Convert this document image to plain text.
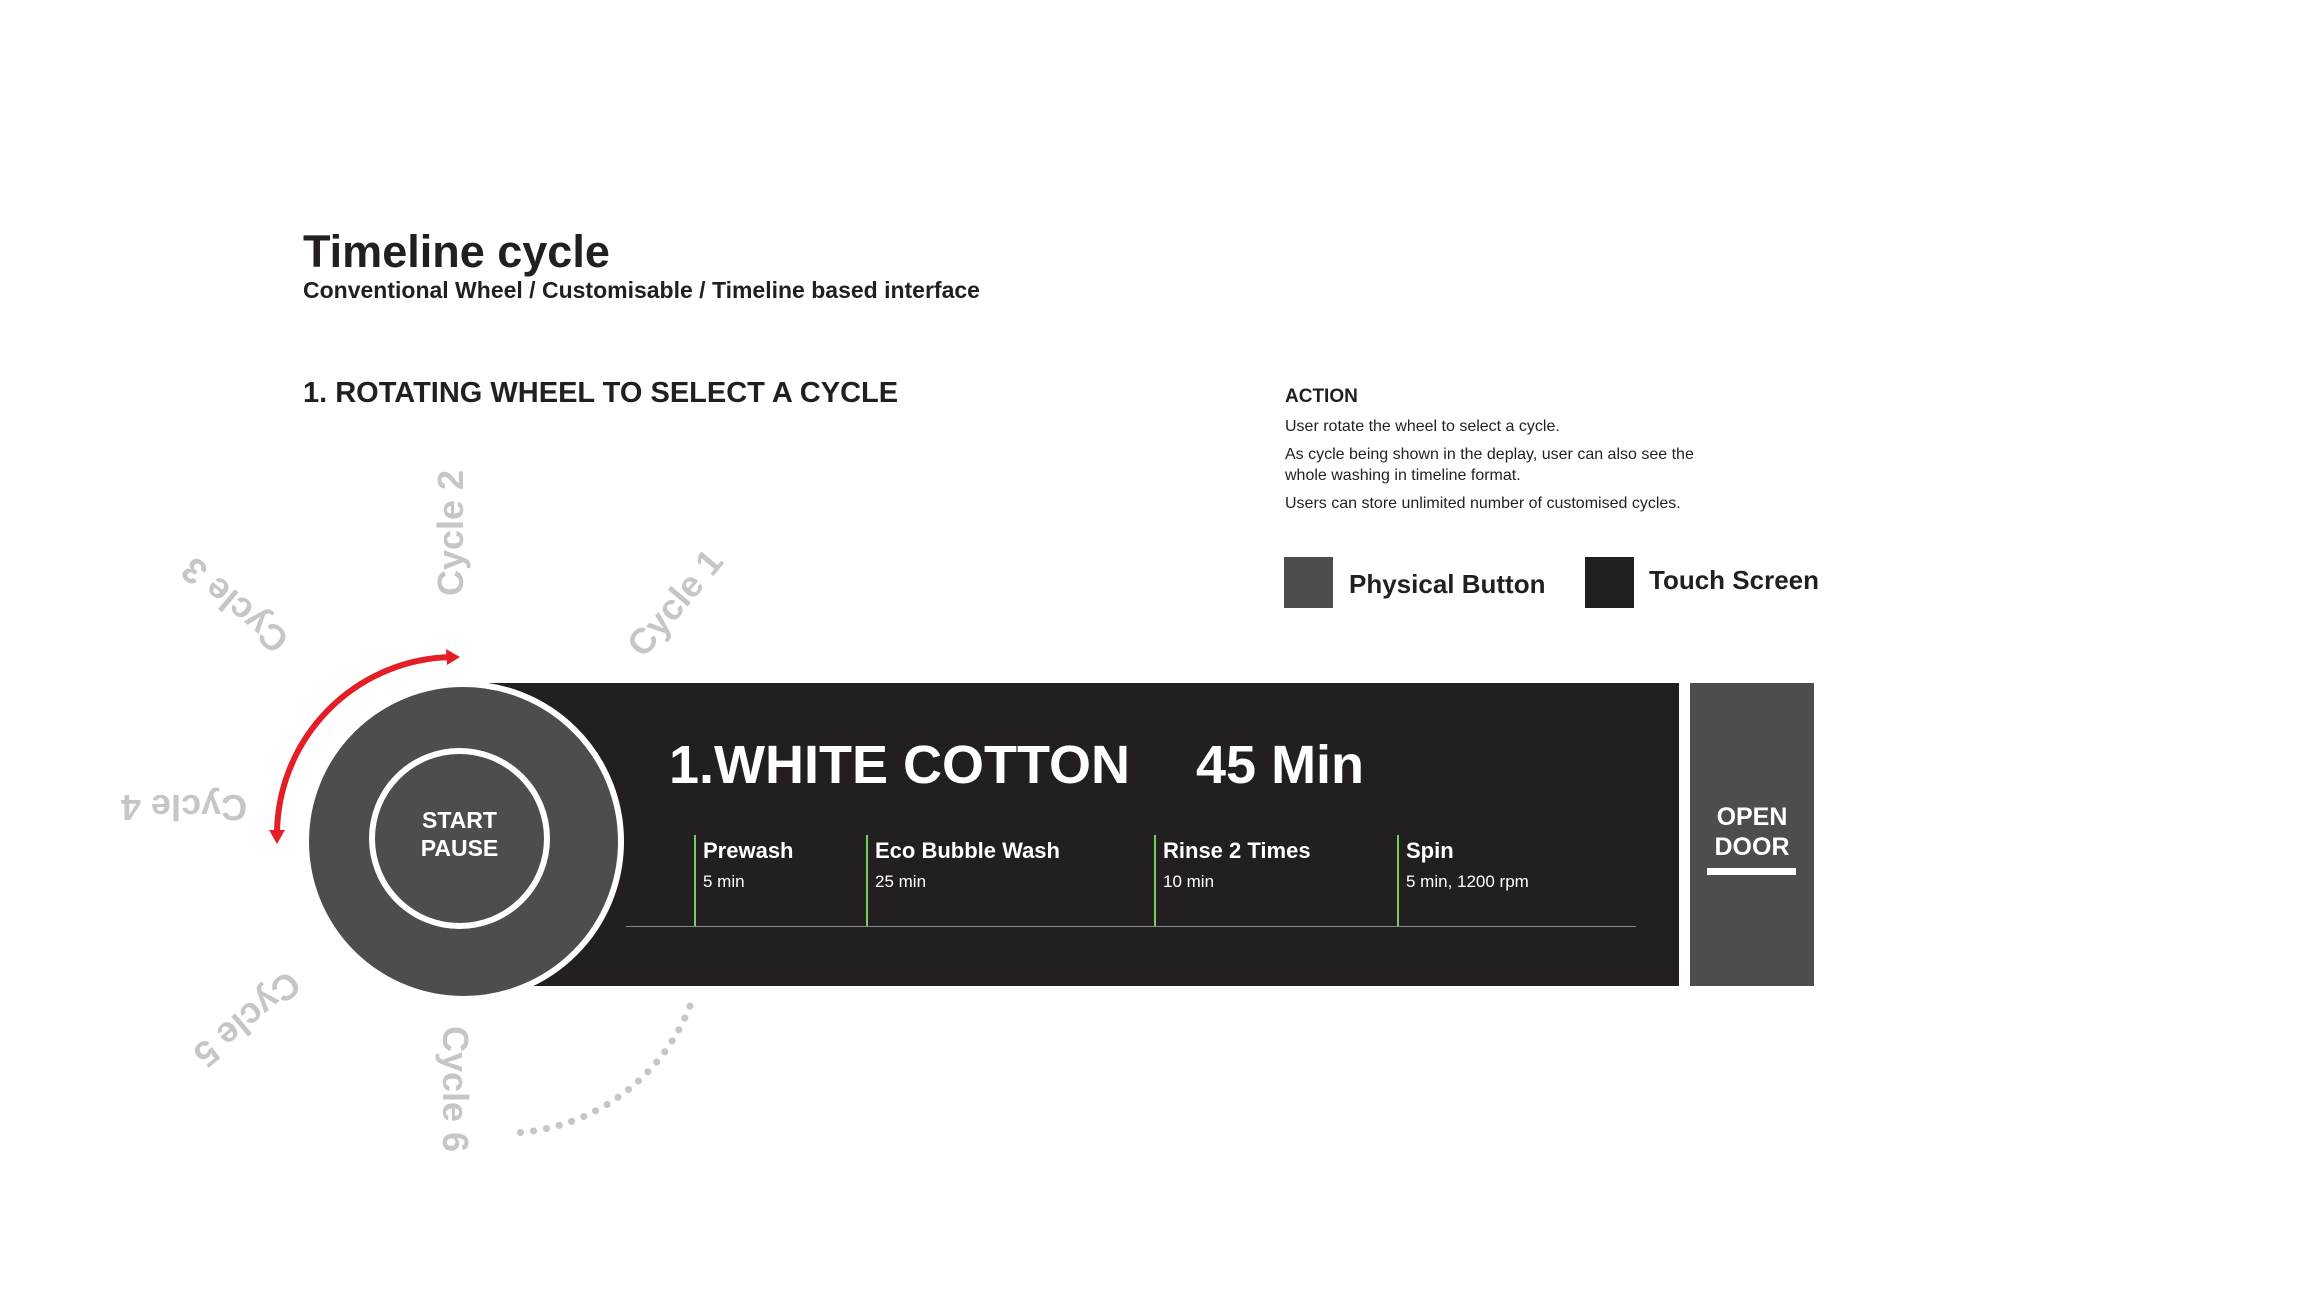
Timeline cycle
Conventional Wheel / Customisable / Timeline based interface
1. ROTATING WHEEL TO SELECT A CYCLE	ACTION
User rotate the wheel to select a cycle.
As cycle being shown in the deplay, user can also see the whole washing in timeline format.
Users can store unlimited number of customised cycles.
Physical Button	Touch Screen
1.WHITE COTTON 45 Min
Prewash
5 min
Eco Bubble Wash
25 min
Rinse 2 Times
10 min
Spin
5 min, 1200 rpm
OPEN
DOOR
START
PAUSE
Cycle 1
Cycle 2
Cycle 3
Cycle 4
Cycle 5
Cycle 6
